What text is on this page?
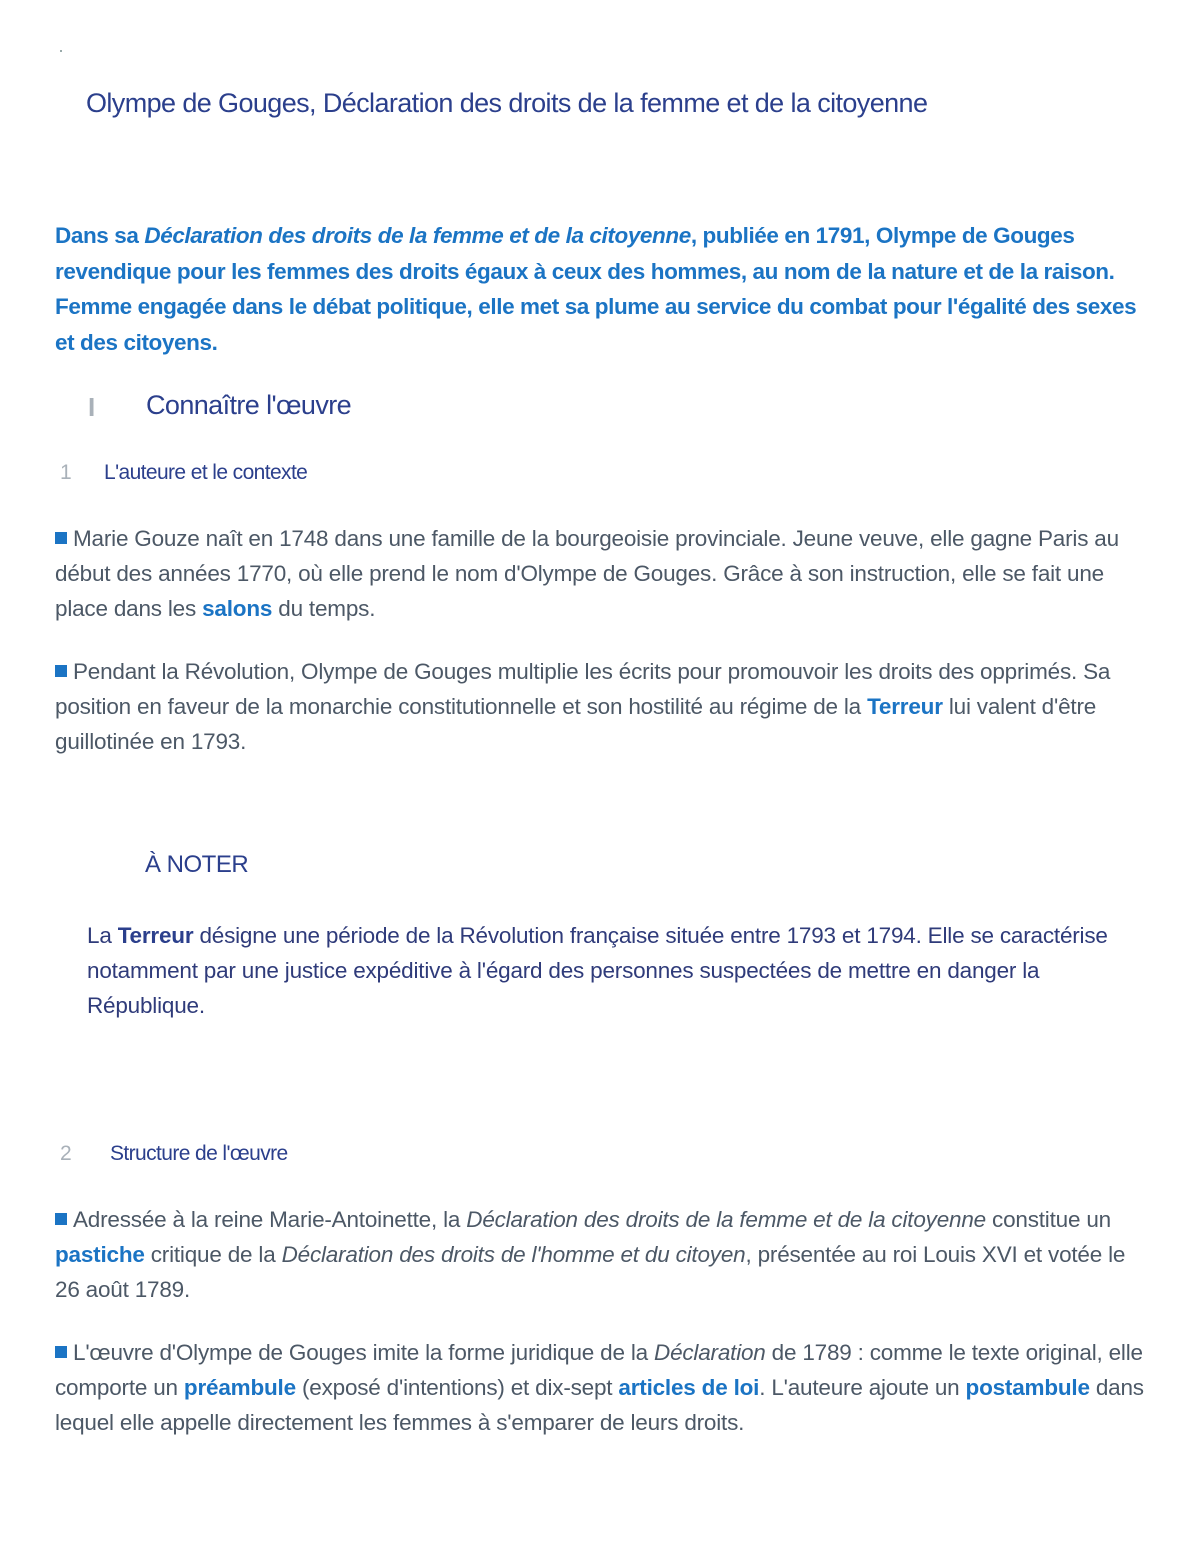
Olympe de Gouges, Déclaration des droits de la femme et de la citoyenne
Dans sa Déclaration des droits de la femme et de la citoyenne, publiée en 1791, Olympe de Gouges revendique pour les femmes des droits égaux à ceux des hommes, au nom de la nature et de la raison. Femme engagée dans le débat politique, elle met sa plume au service du combat pour l'égalité des sexes et des citoyens.
I Connaître l'œuvre
1 L'auteure et le contexte
Marie Gouze naît en 1748 dans une famille de la bourgeoisie provinciale. Jeune veuve, elle gagne Paris au début des années 1770, où elle prend le nom d'Olympe de Gouges. Grâce à son instruction, elle se fait une place dans les salons du temps.
Pendant la Révolution, Olympe de Gouges multiplie les écrits pour promouvoir les droits des opprimés. Sa position en faveur de la monarchie constitutionnelle et son hostilité au régime de la Terreur lui valent d'être guillotinée en 1793.
À NOTER
La Terreur désigne une période de la Révolution française située entre 1793 et 1794. Elle se caractérise notamment par une justice expéditive à l'égard des personnes suspectées de mettre en danger la République.
2 Structure de l'œuvre
Adressée à la reine Marie-Antoinette, la Déclaration des droits de la femme et de la citoyenne constitue un pastiche critique de la Déclaration des droits de l'homme et du citoyen, présentée au roi Louis XVI et votée le 26 août 1789.
L'œuvre d'Olympe de Gouges imite la forme juridique de la Déclaration de 1789 : comme le texte original, elle comporte un préambule (exposé d'intentions) et dix-sept articles de loi. L'auteure ajoute un postambule dans lequel elle appelle directement les femmes à s'emparer de leurs droits.
